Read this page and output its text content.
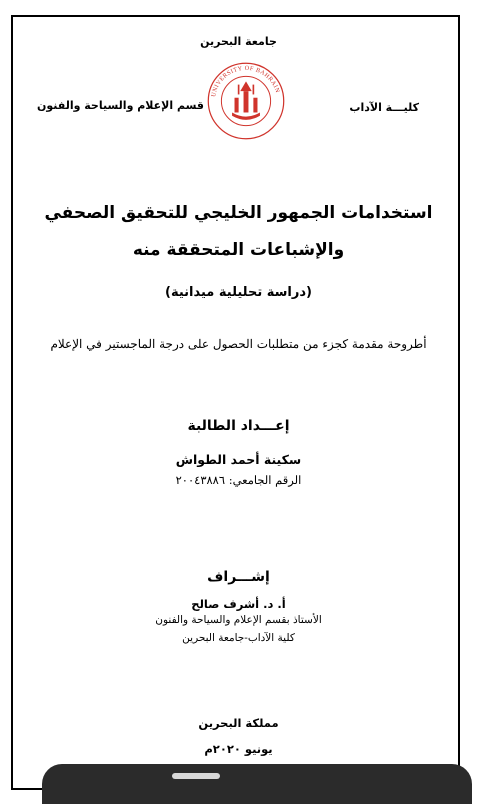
جامعة البحرين
كليـــة الآداب
قسم الإعلام والسياحة والفنون
UNIVERSITY OF BAHRAIN
استخدامات الجمهور الخليجي للتحقيق الصحفي
والإشباعات المتحققة منه
(دراسة تحليلية ميدانية)
أطروحة مقدمة كجزء من متطلبات الحصول على درجة الماجستير في الإعلام
إعـــداد الطالبة
سكينة أحمد الطواش
الرقم الجامعي: ٢٠٠٤٣٨٨٦
إشـــراف
أ. د. أشرف صالح
الأستاذ بقسم الإعلام والسياحة والفنون
كلية الآداب-جامعة البحرين
مملكة البحرين
يونيو ٢٠٢٠م
